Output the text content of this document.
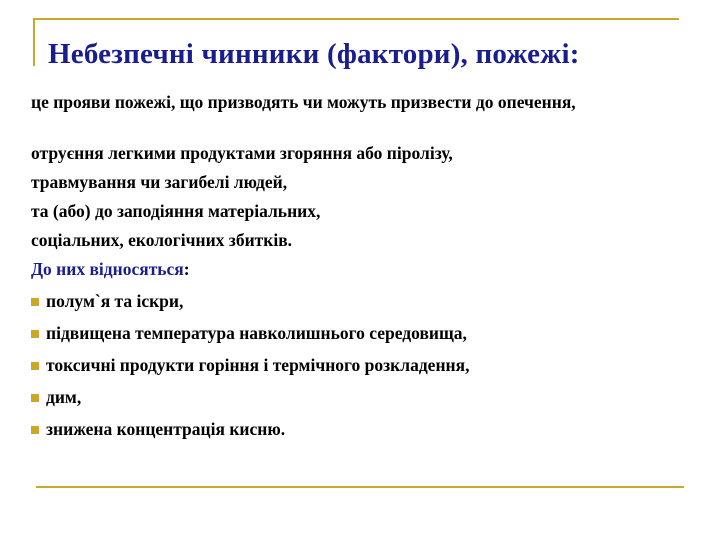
Небезпечні чинники (фактори), пожежі:

це прояви пожежі, що призводять чи можуть призвести до опечення,

отруєння легкими продуктами згоряння або піролізу,

травмування чи загибелі людей,

та (або) до заподіяння матеріальних,

соціальних, екологічних збитків.

До них відносяться:

полум`я та іскри,
підвищена температура навколишнього середовища,
токсичні продукти горіння і термічного розкладення,
дим,
знижена концентрація кисню.
